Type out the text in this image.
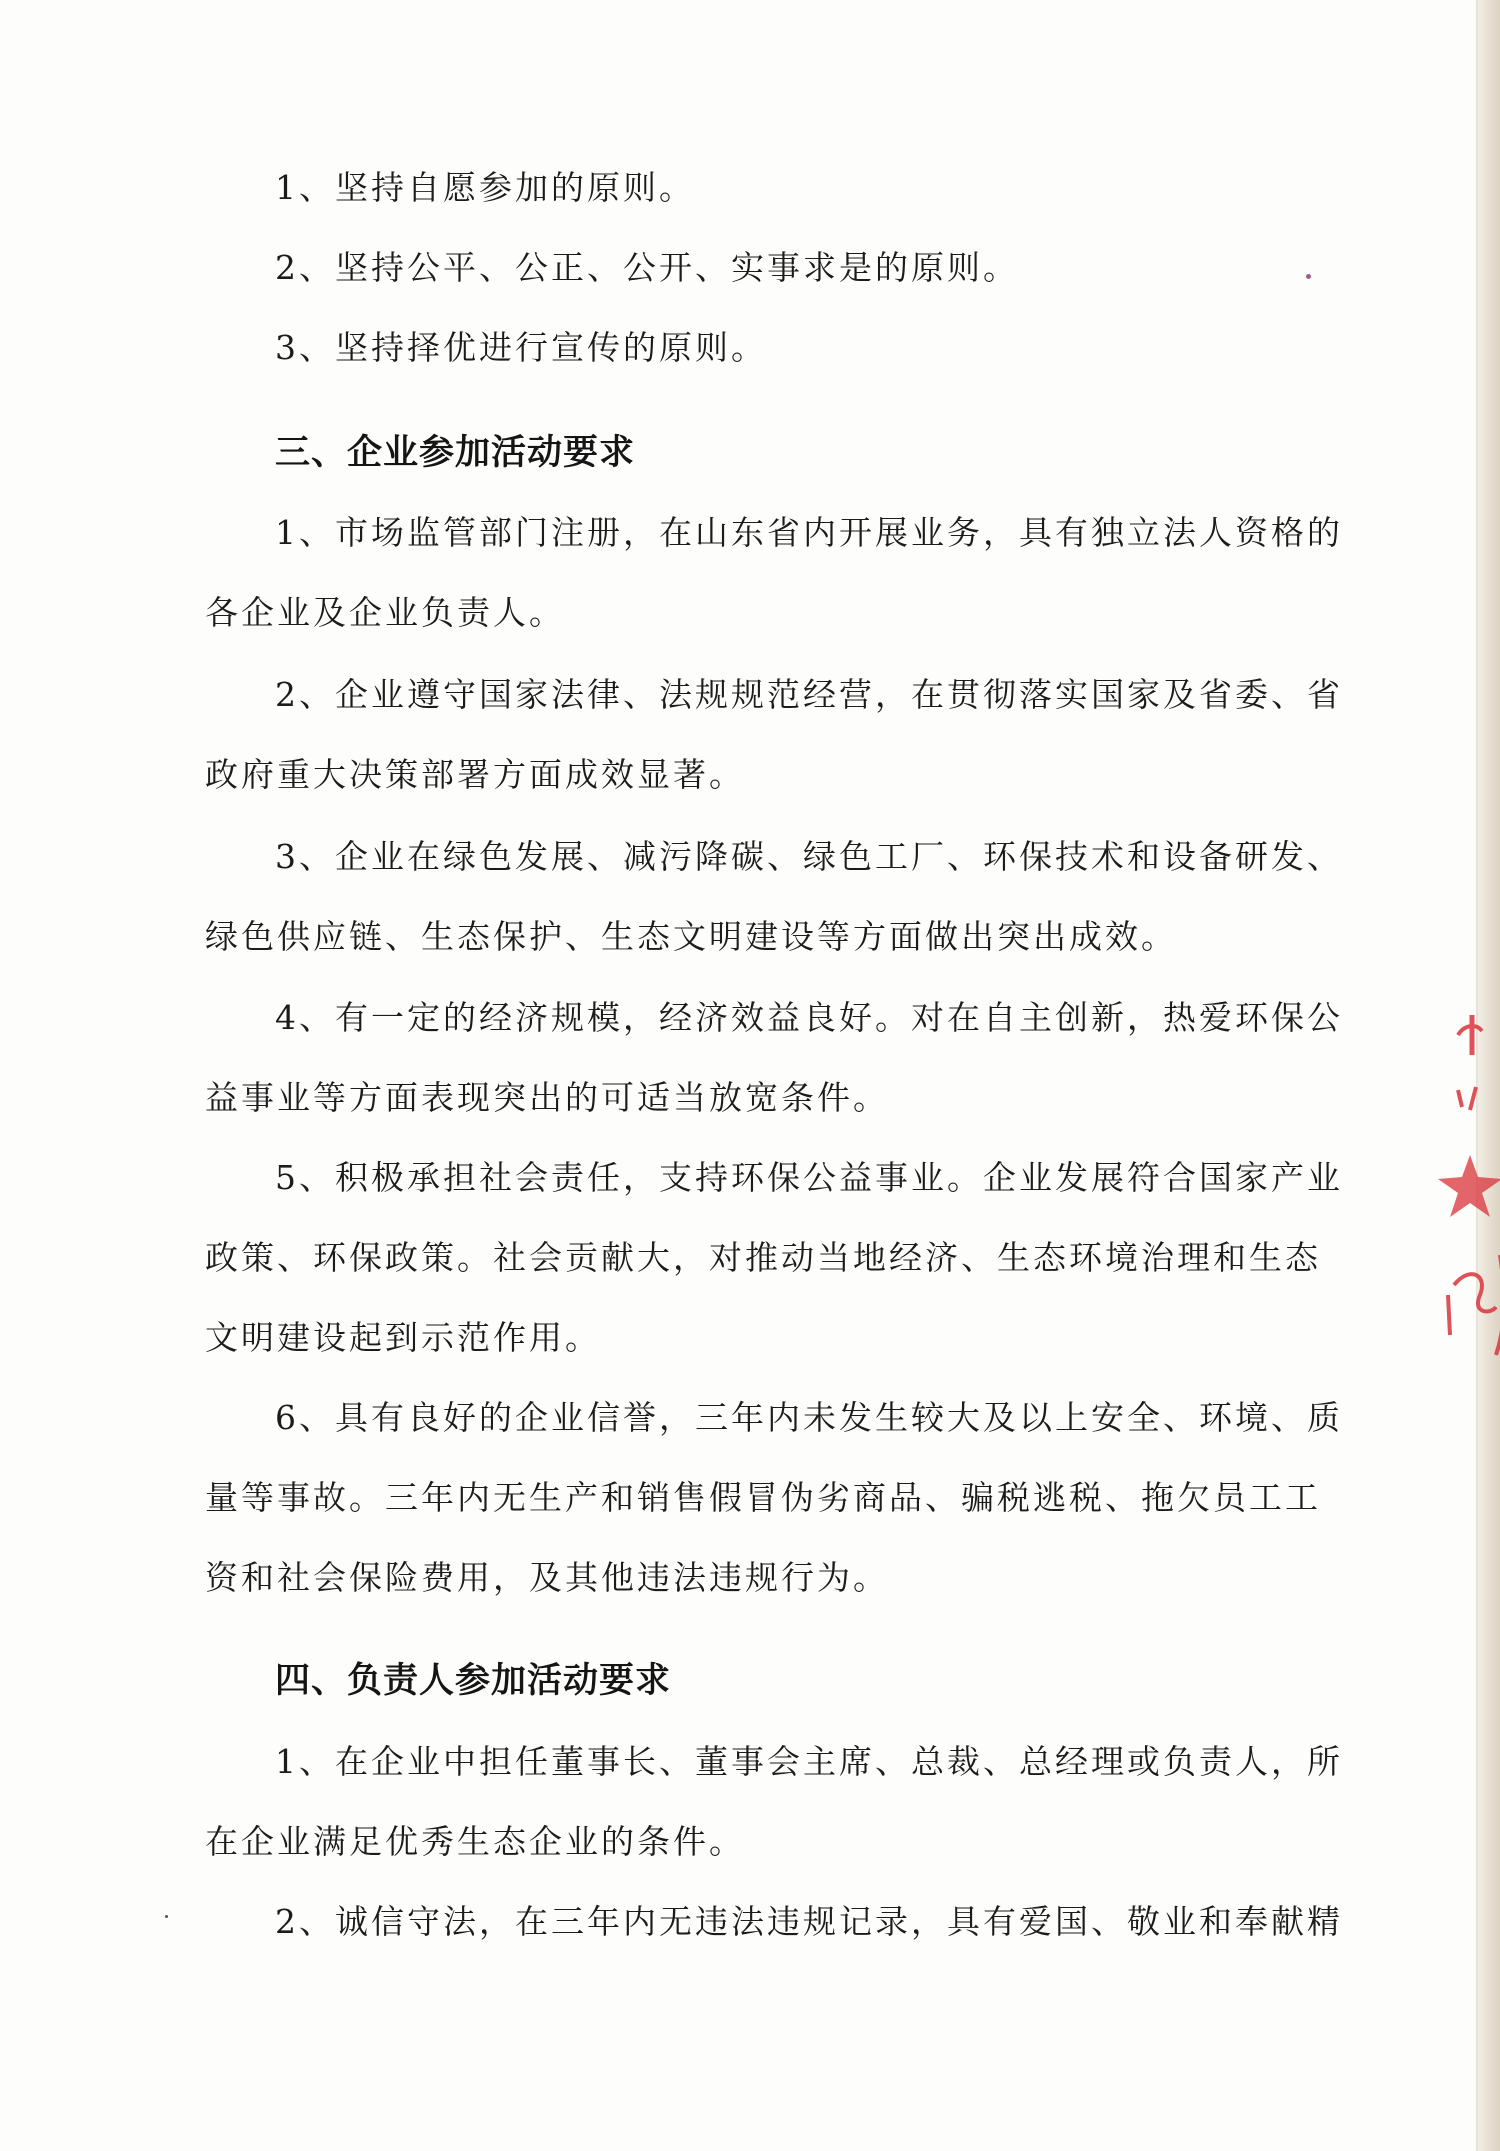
1、坚持自愿参加的原则。
2、坚持公平、公正、公开、实事求是的原则。
3、坚持择优进行宣传的原则。
三、企业参加活动要求
1、市场监管部门注册，在山东省内开展业务，具有独立法人资格的
各企业及企业负责人。
2、企业遵守国家法律、法规规范经营，在贯彻落实国家及省委、省
政府重大决策部署方面成效显著。
3、企业在绿色发展、减污降碳、绿色工厂、环保技术和设备研发、
绿色供应链、生态保护、生态文明建设等方面做出突出成效。
4、有一定的经济规模，经济效益良好。对在自主创新，热爱环保公
益事业等方面表现突出的可适当放宽条件。
5、积极承担社会责任，支持环保公益事业。企业发展符合国家产业
政策、环保政策。社会贡献大，对推动当地经济、生态环境治理和生态
文明建设起到示范作用。
6、具有良好的企业信誉，三年内未发生较大及以上安全、环境、质
量等事故。三年内无生产和销售假冒伪劣商品、骗税逃税、拖欠员工工
资和社会保险费用，及其他违法违规行为。
四、负责人参加活动要求
1、在企业中担任董事长、董事会主席、总裁、总经理或负责人，所
在企业满足优秀生态企业的条件。
2、诚信守法，在三年内无违法违规记录，具有爱国、敬业和奉献精
